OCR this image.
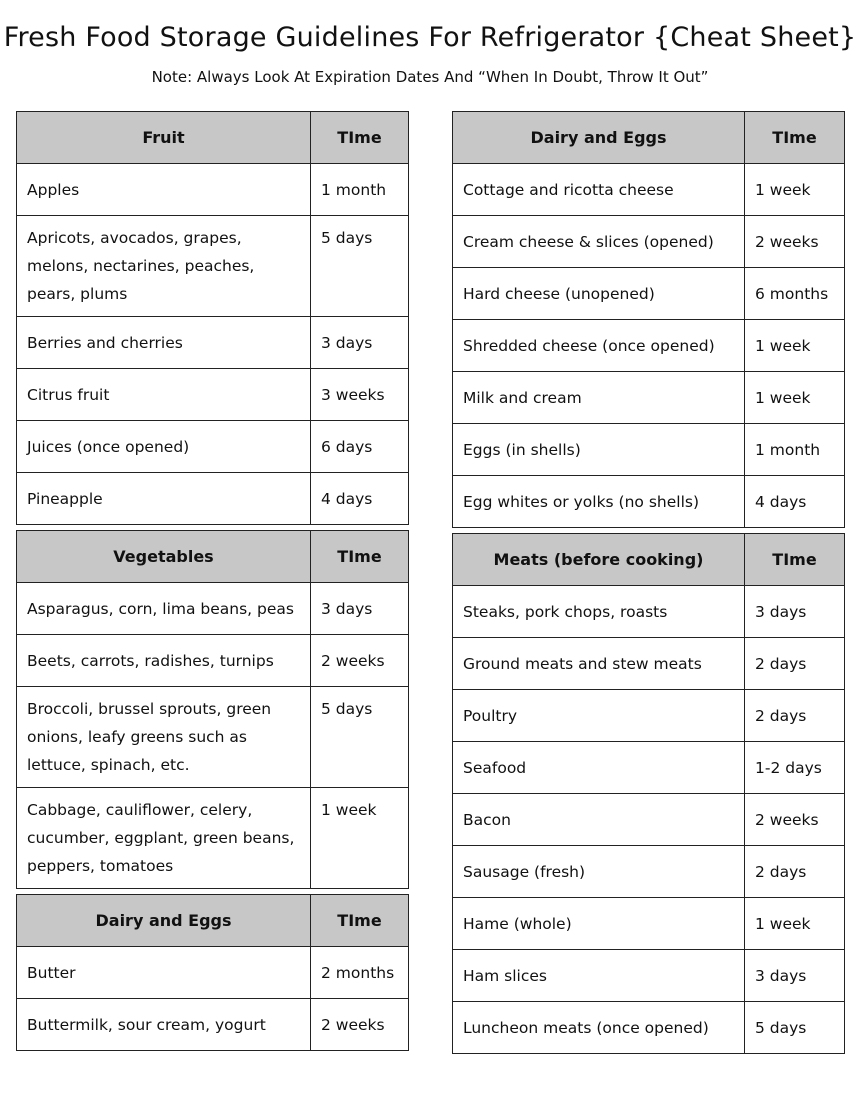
Fresh Food Storage Guidelines For Refrigerator {Cheat Sheet}
Note: Always Look At Expiration Dates And “When In Doubt, Throw It Out”
Fruit	TIme
Apples	1 month
Apricots, avocados, grapes, melons, nectarines, peaches, pears, plums	5 days
Berries and cherries	3 days
Citrus fruit	3 weeks
Juices (once opened)	6 days
Pineapple	4 days
Vegetables	TIme
Asparagus, corn, lima beans, peas	3 days
Beets, carrots, radishes, turnips	2 weeks
Broccoli, brussel sprouts, green onions, leafy greens such as lettuce, spinach, etc.	5 days
Cabbage, cauliflower, celery, cucumber, eggplant, green beans, peppers, tomatoes	1 week
Dairy and Eggs	TIme
Butter	2 months
Buttermilk, sour cream, yogurt	2 weeks
Dairy and Eggs	TIme
Cottage and ricotta cheese	1 week
Cream cheese & slices (opened)	2 weeks
Hard cheese (unopened)	6 months
Shredded cheese (once opened)	1 week
Milk and cream	1 week
Eggs (in shells)	1 month
Egg whites or yolks (no shells)	4 days
Meats (before cooking)	TIme
Steaks, pork chops, roasts	3 days
Ground meats and stew meats	2 days
Poultry	2 days
Seafood	1-2 days
Bacon	2 weeks
Sausage (fresh)	2 days
Hame (whole)	1 week
Ham slices	3 days
Luncheon meats (once opened)	5 days
